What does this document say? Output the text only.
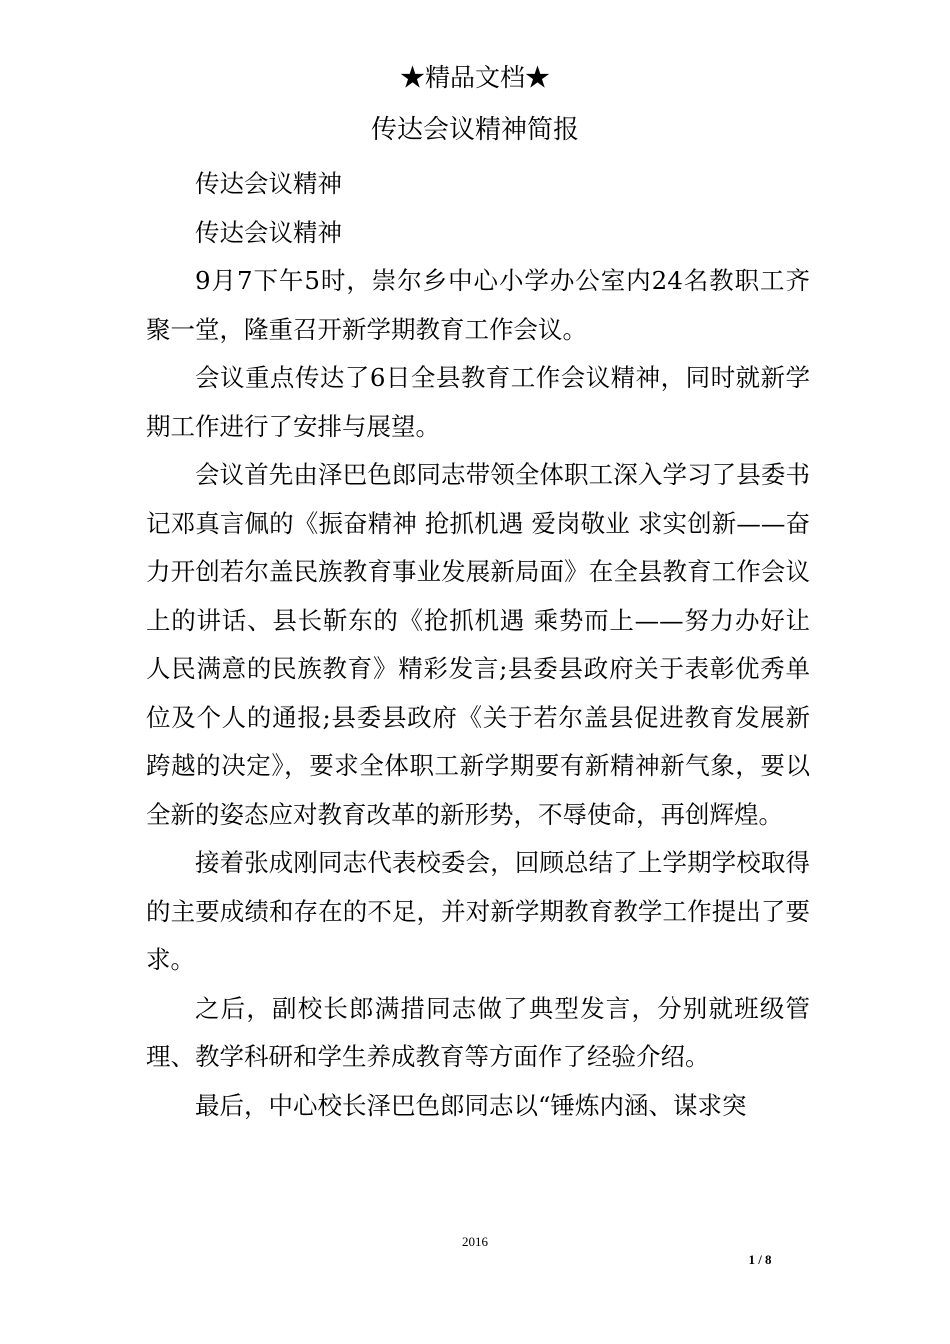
★精品文档★
传达会议精神简报

传达会议精神

传达会议精神

9月7下午5时，崇尔乡中心小学办公室内24名教职工齐聚一堂，隆重召开新学期教育工作会议。

会议重点传达了6日全县教育工作会议精神，同时就新学期工作进行了安排与展望。

会议首先由泽巴色郎同志带领全体职工深入学习了县委书记邓真言佩的《振奋精神 抢抓机遇 爱岗敬业 求实创新——奋力开创若尔盖民族教育事业发展新局面》在全县教育工作会议上的讲话、县长靳东的《抢抓机遇 乘势而上——努力办好让人民满意的民族教育》精彩发言;县委县政府关于表彰优秀单位及个人的通报;县委县政府《关于若尔盖县促进教育发展新跨越的决定》，要求全体职工新学期要有新精神新气象，要以全新的姿态应对教育改革的新形势，不辱使命，再创辉煌。

接着张成刚同志代表校委会，回顾总结了上学期学校取得的主要成绩和存在的不足，并对新学期教育教学工作提出了要求。

之后，副校长郎满措同志做了典型发言，分别就班级管理、教学科研和学生养成教育等方面作了经验介绍。

最后，中心校长泽巴色郎同志以“锤炼内涵、谋求突

2016
1 / 8
